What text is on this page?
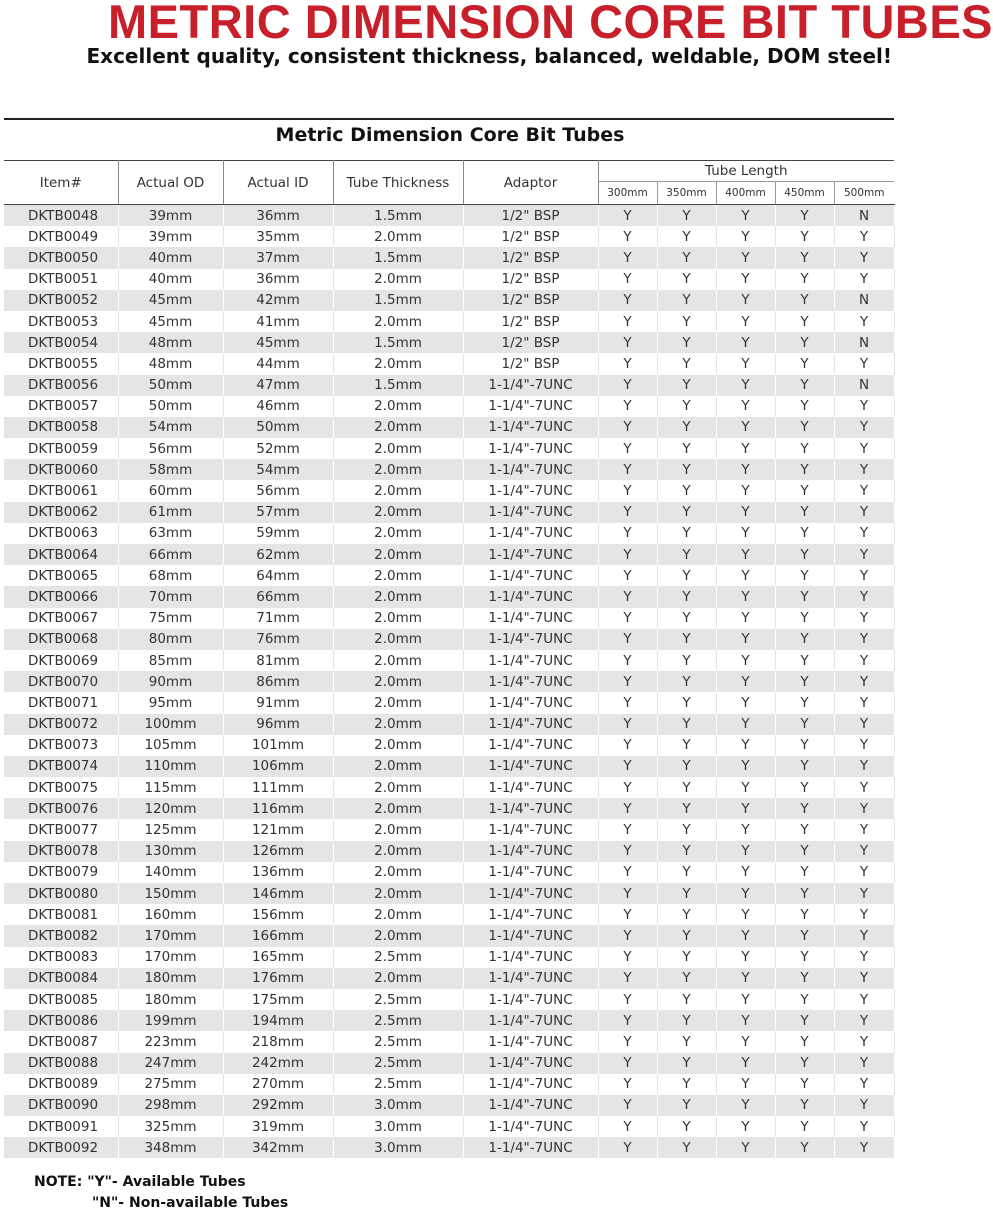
METRIC DIMENSION CORE BIT TUBES

Excellent quality, consistent thickness, balanced, weldable, DOM steel!

Metric Dimension Core Bit Tubes
Item#	Actual OD	Actual ID	Tube Thickness	Adaptor	Tube Length				
					300mm	350mm	400mm	450mm	500mm
DKTB0048	39mm	36mm	1.5mm	1/2" BSP	Y	Y	Y	Y	N
DKTB0049	39mm	35mm	2.0mm	1/2" BSP	Y	Y	Y	Y	Y
DKTB0050	40mm	37mm	1.5mm	1/2" BSP	Y	Y	Y	Y	Y
DKTB0051	40mm	36mm	2.0mm	1/2" BSP	Y	Y	Y	Y	Y
DKTB0052	45mm	42mm	1.5mm	1/2" BSP	Y	Y	Y	Y	N
DKTB0053	45mm	41mm	2.0mm	1/2" BSP	Y	Y	Y	Y	Y
DKTB0054	48mm	45mm	1.5mm	1/2" BSP	Y	Y	Y	Y	N
DKTB0055	48mm	44mm	2.0mm	1/2" BSP	Y	Y	Y	Y	Y
DKTB0056	50mm	47mm	1.5mm	1-1/4"-7UNC	Y	Y	Y	Y	N
DKTB0057	50mm	46mm	2.0mm	1-1/4"-7UNC	Y	Y	Y	Y	Y
DKTB0058	54mm	50mm	2.0mm	1-1/4"-7UNC	Y	Y	Y	Y	Y
DKTB0059	56mm	52mm	2.0mm	1-1/4"-7UNC	Y	Y	Y	Y	Y
DKTB0060	58mm	54mm	2.0mm	1-1/4"-7UNC	Y	Y	Y	Y	Y
DKTB0061	60mm	56mm	2.0mm	1-1/4"-7UNC	Y	Y	Y	Y	Y
DKTB0062	61mm	57mm	2.0mm	1-1/4"-7UNC	Y	Y	Y	Y	Y
DKTB0063	63mm	59mm	2.0mm	1-1/4"-7UNC	Y	Y	Y	Y	Y
DKTB0064	66mm	62mm	2.0mm	1-1/4"-7UNC	Y	Y	Y	Y	Y
DKTB0065	68mm	64mm	2.0mm	1-1/4"-7UNC	Y	Y	Y	Y	Y
DKTB0066	70mm	66mm	2.0mm	1-1/4"-7UNC	Y	Y	Y	Y	Y
DKTB0067	75mm	71mm	2.0mm	1-1/4"-7UNC	Y	Y	Y	Y	Y
DKTB0068	80mm	76mm	2.0mm	1-1/4"-7UNC	Y	Y	Y	Y	Y
DKTB0069	85mm	81mm	2.0mm	1-1/4"-7UNC	Y	Y	Y	Y	Y
DKTB0070	90mm	86mm	2.0mm	1-1/4"-7UNC	Y	Y	Y	Y	Y
DKTB0071	95mm	91mm	2.0mm	1-1/4"-7UNC	Y	Y	Y	Y	Y
DKTB0072	100mm	96mm	2.0mm	1-1/4"-7UNC	Y	Y	Y	Y	Y
DKTB0073	105mm	101mm	2.0mm	1-1/4"-7UNC	Y	Y	Y	Y	Y
DKTB0074	110mm	106mm	2.0mm	1-1/4"-7UNC	Y	Y	Y	Y	Y
DKTB0075	115mm	111mm	2.0mm	1-1/4"-7UNC	Y	Y	Y	Y	Y
DKTB0076	120mm	116mm	2.0mm	1-1/4"-7UNC	Y	Y	Y	Y	Y
DKTB0077	125mm	121mm	2.0mm	1-1/4"-7UNC	Y	Y	Y	Y	Y
DKTB0078	130mm	126mm	2.0mm	1-1/4"-7UNC	Y	Y	Y	Y	Y
DKTB0079	140mm	136mm	2.0mm	1-1/4"-7UNC	Y	Y	Y	Y	Y
DKTB0080	150mm	146mm	2.0mm	1-1/4"-7UNC	Y	Y	Y	Y	Y
DKTB0081	160mm	156mm	2.0mm	1-1/4"-7UNC	Y	Y	Y	Y	Y
DKTB0082	170mm	166mm	2.0mm	1-1/4"-7UNC	Y	Y	Y	Y	Y
DKTB0083	170mm	165mm	2.5mm	1-1/4"-7UNC	Y	Y	Y	Y	Y
DKTB0084	180mm	176mm	2.0mm	1-1/4"-7UNC	Y	Y	Y	Y	Y
DKTB0085	180mm	175mm	2.5mm	1-1/4"-7UNC	Y	Y	Y	Y	Y
DKTB0086	199mm	194mm	2.5mm	1-1/4"-7UNC	Y	Y	Y	Y	Y
DKTB0087	223mm	218mm	2.5mm	1-1/4"-7UNC	Y	Y	Y	Y	Y
DKTB0088	247mm	242mm	2.5mm	1-1/4"-7UNC	Y	Y	Y	Y	Y
DKTB0089	275mm	270mm	2.5mm	1-1/4"-7UNC	Y	Y	Y	Y	Y
DKTB0090	298mm	292mm	3.0mm	1-1/4"-7UNC	Y	Y	Y	Y	Y
DKTB0091	325mm	319mm	3.0mm	1-1/4"-7UNC	Y	Y	Y	Y	Y
DKTB0092	348mm	342mm	3.0mm	1-1/4"-7UNC	Y	Y	Y	Y	Y
NOTE: "Y"- Available Tubes
"N"- Non-available Tubes
